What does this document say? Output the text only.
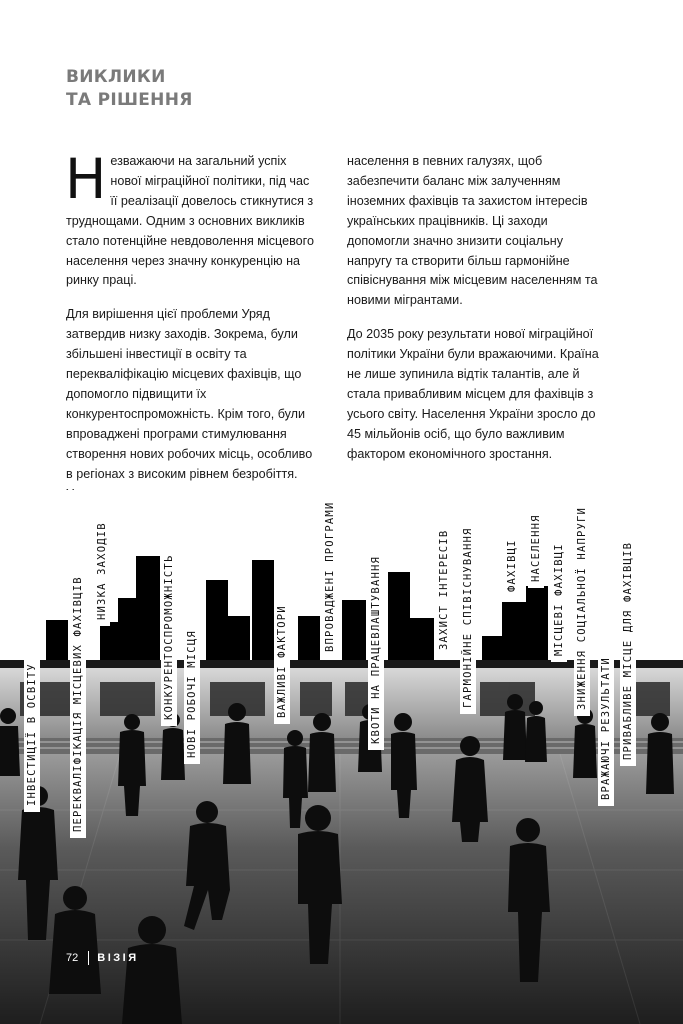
ВИКЛИКИ
ТА РІШЕННЯ

Незважаючи на загальний успіх нової міграційної політики, під час її реалізації довелось стикнутися з труднощами. Одним з основних викликів стало потенційне невдоволення місцевого населення через значну конкуренцію на ринку праці.

Для вирішення цієї проблеми Уряд затвердив низку заходів. Зокрема, були збільшені інвестиції в освіту та перекваліфікацію місцевих фахівців, що допомогло підвищити їх конкурентоспроможність. Крім того, були впроваджені програми стимулювання створення нових робочих місць, особливо в регіонах з високим рівнем безробіття.

населення в певних галузях, щоб забезпечити баланс між залученням іноземних фахівців та захистом інтересів українських працівників. Ці заходи допомогли значно знизити соціальну напругу та створити більш гармонійне співіснування між місцевим населенням та новими мігрантами.

До 2035 року результати нової міграційної політики України були вражаючими. Країна не лише зупинила відтік талантів, але й стала привабливим місцем для фахівців з усього світу. Населення України зросло до 45 мільйонів осіб, що було важливим фактором економічного зростання.

ІНВЕСТИЦІЇ В ОСВІТУ	ПЕРЕКВАЛІФІКАЦІЯ МІСЦЕВИХ ФАХІВЦІВ
НИЗКА ЗАХОДІВ	КОНКУРЕНТОСПРОМОЖНІСТЬ НОВІ РОБОЧІ МІСЦЯ	ВАЖЛИВІ ФАКТОРИ
ВПРОВАДЖЕНІ ПРОГРАМИ	КВОТИ НА ПРАЦЕВЛАШТУВАННЯ	ЗАХИСТ ІНТЕРЕСІВ ГАРМОНІЙНЕ СПІВІСНУВАННЯ	ФАХІВЦІ НАСЕЛЕННЯ МІСЦЕВІ ФАХІВЦІ ЗНИЖЕННЯ СОЦІАЛЬНОЇ НАПРУГИ
ВРАЖАЮЧІ РЕЗУЛЬТАТИ ПРИВАБЛИВЕ МІСЦЕ ДЛЯ ФАХІВЦІВ
72 ВІЗІЯ
